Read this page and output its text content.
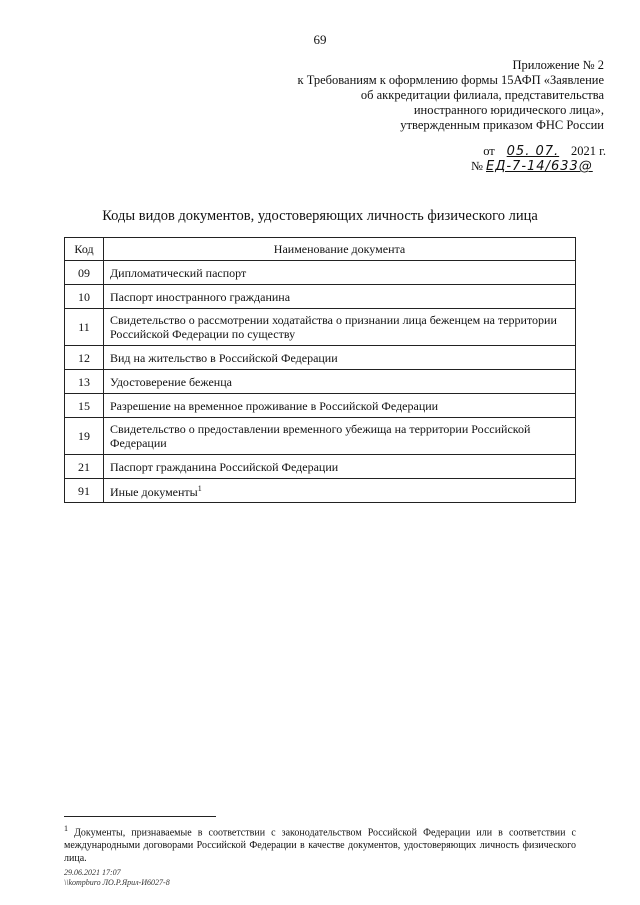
69
Приложение № 2
к Требованиям к оформлению формы 15АФП «Заявление
об аккредитации филиала, представительства
иностранного юридического лица»,
утвержденным приказом ФНС России
от 05. 07. 2021 г.
№ ЕД-7-14/633@
Коды видов документов, удостоверяющих личность физического лица
Код	Наименование документа
09	Дипломатический паспорт
10	Паспорт иностранного гражданина
11	Свидетельство о рассмотрении ходатайства о признании лица беженцем на территории Российской Федерации по существу
12	Вид на жительство в Российской Федерации
13	Удостоверение беженца
15	Разрешение на временное проживание в Российской Федерации
19	Свидетельство о предоставлении временного убежища на территории Российской Федерации
21	Паспорт гражданина Российской Федерации
91	Иные документы$^1$
$^1$ Документы, признаваемые в соответствии с законодательством Российской Федерации или в соответствии с международными договорами Российской Федерации в качестве документов, удостоверяющих личность физического лица.
29.06.2021 17:07
\\kompburo ЛО.Р.Ярил-И6027-8
